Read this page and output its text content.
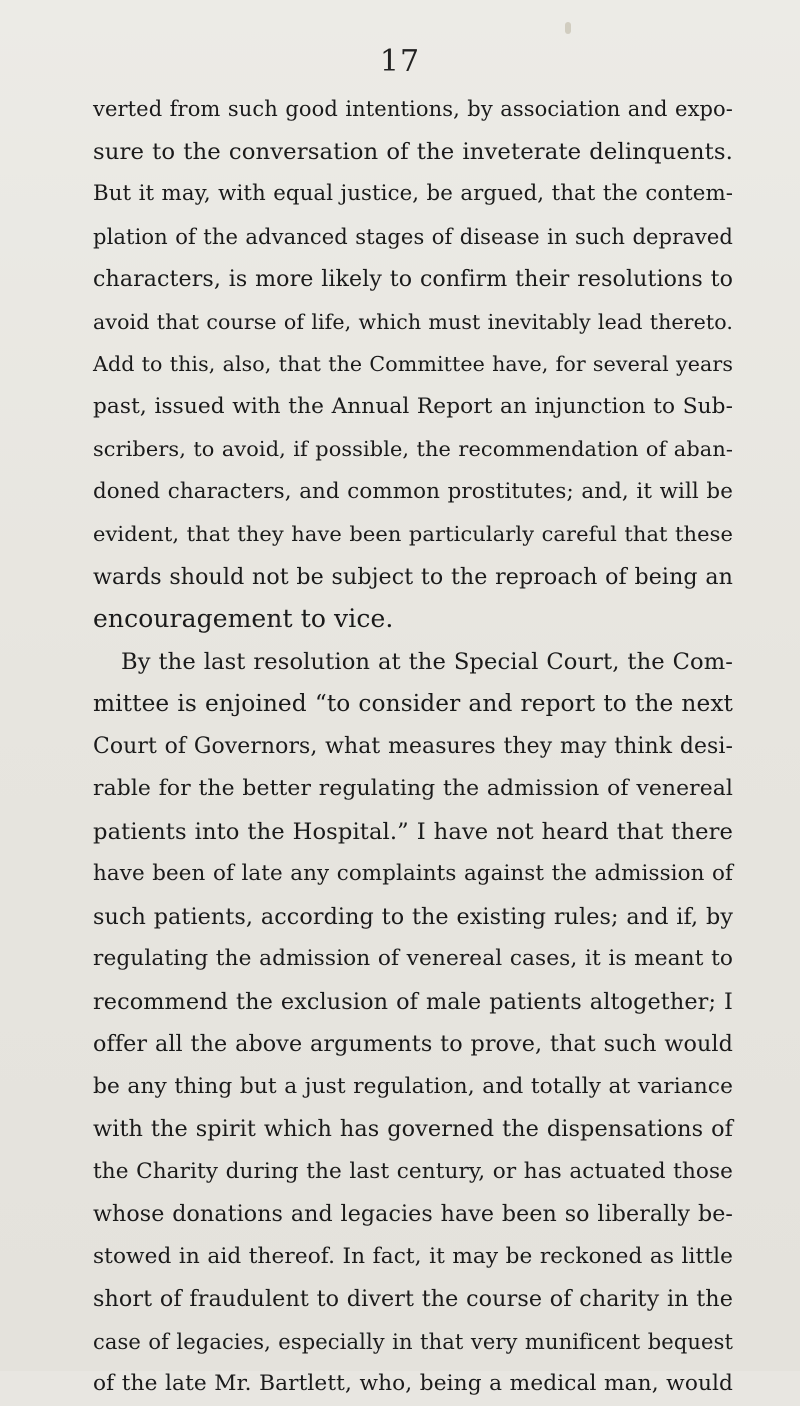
17
verted from such good intentions, by association and expo-
sure to the conversation of the inveterate delinquents.
But it may, with equal justice, be argued, that the contem-
plation of the advanced stages of disease in such depraved
characters, is more likely to confirm their resolutions to
avoid that course of life, which must inevitably lead thereto.
Add to this, also, that the Committee have, for several years
past, issued with the Annual Report an injunction to Sub-
scribers, to avoid, if possible, the recommendation of aban-
doned characters, and common prostitutes; and, it will be
evident, that they have been particularly careful that these
wards should not be subject to the reproach of being an
encouragement to vice.
By the last resolution at the Special Court, the Com-
mittee is enjoined “to consider and report to the next
Court of Governors, what measures they may think desi-
rable for the better regulating the admission of venereal
patients into the Hospital.” I have not heard that there
have been of late any complaints against the admission of
such patients, according to the existing rules; and if, by
regulating the admission of venereal cases, it is meant to
recommend the exclusion of male patients altogether; I
offer all the above arguments to prove, that such would
be any thing but a just regulation, and totally at variance
with the spirit which has governed the dispensations of
the Charity during the last century, or has actuated those
whose donations and legacies have been so liberally be-
stowed in aid thereof. In fact, it may be reckoned as little
short of fraudulent to divert the course of charity in the
case of legacies, especially in that very munificent bequest
of the late Mr. Bartlett, who, being a medical man, would
